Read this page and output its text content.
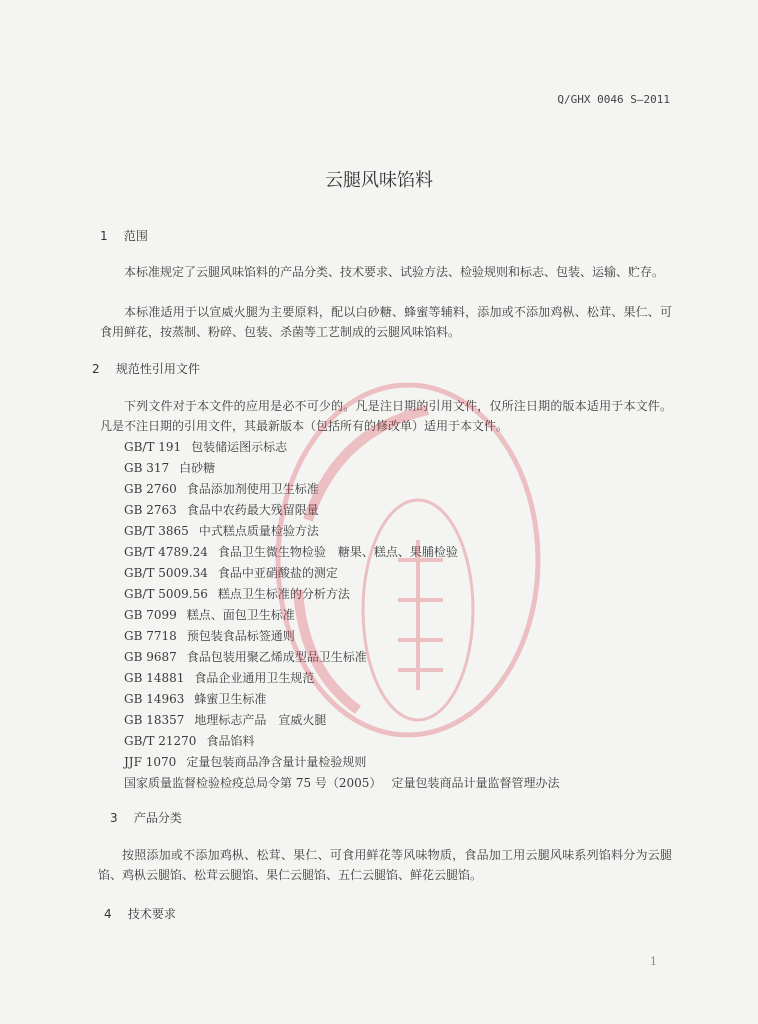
Q/GHX 0046 S—2011
云腿风味馅料
1 范围

本标准规定了云腿风味馅料的产品分类、技术要求、试验方法、检验规则和标志、包装、运输、贮存。

本标准适用于以宣威火腿为主要原料，配以白砂糖、蜂蜜等辅料，添加或不添加鸡枞、松茸、果仁、可食用鲜花，按蒸制、粉碎、包装、杀菌等工艺制成的云腿风味馅料。

2 规范性引用文件

下列文件对于本文件的应用是必不可少的。凡是注日期的引用文件，仅所注日期的版本适用于本文件。凡是不注日期的引用文件，其最新版本（包括所有的修改单）适用于本文件。

GB/T 191 包装储运图示标志
GB 317 白砂糖
GB 2760 食品添加剂使用卫生标准
GB 2763 食品中农药最大残留限量
GB/T 3865 中式糕点质量检验方法
GB/T 4789.24 食品卫生微生物检验　糖果、糕点、果脯检验
GB/T 5009.34 食品中亚硝酸盐的测定
GB/T 5009.56 糕点卫生标准的分析方法
GB 7099 糕点、面包卫生标准
GB 7718 预包装食品标签通则
GB 9687 食品包装用聚乙烯成型品卫生标准
GB 14881 食品企业通用卫生规范
GB 14963 蜂蜜卫生标准
GB 18357 地理标志产品　宣威火腿
GB/T 21270 食品馅料
JJF 1070 定量包装商品净含量计量检验规则
国家质量监督检验检疫总局令第 75 号（2005） 定量包装商品计量监督管理办法
3 产品分类

按照添加或不添加鸡枞、松茸、果仁、可食用鲜花等风味物质，食品加工用云腿风味系列馅料分为云腿馅、鸡枞云腿馅、松茸云腿馅、果仁云腿馅、五仁云腿馅、鲜花云腿馅。

4 技术要求
1
